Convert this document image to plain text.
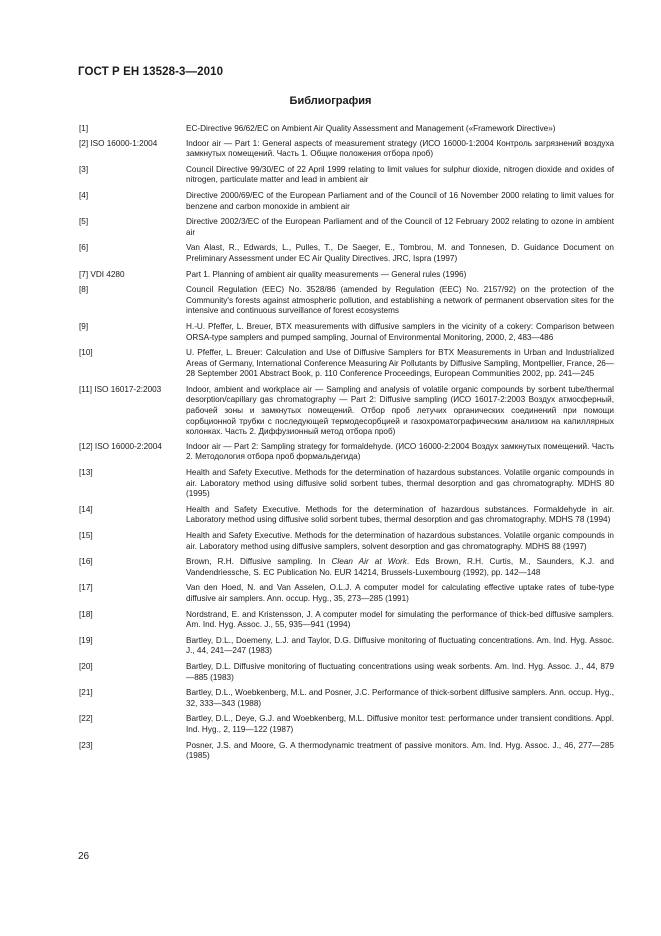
ГОСТ Р ЕН 13528-3—2010
Библиография
[1]	EC-Directive 96/62/EC on Ambient Air Quality Assessment and Management («Framework Directive»)
[2] ISO 16000-1:2004	Indoor air — Part 1: General aspects of measurement strategy (ИСО 16000-1:2004 Контроль загрязнений воздуха замкнутых помещений. Часть 1. Общие положения отбора проб)
[3]	Council Directive 99/30/EC of 22 April 1999 relating to limit values for sulphur dioxide, nitrogen dioxide and oxides of nitrogen, particulate matter and lead in ambient air
[4]	Directive 2000/69/EC of the European Parliament and of the Council of 16 November 2000 relating to limit values for benzene and carbon monoxide in ambient air
[5]	Directive 2002/3/EC of the European Parliament and of the Council of 12 February 2002 relating to ozone in ambient air
[6]	Van Alast, R., Edwards, L., Pulles, T., De Saeger, E., Tombrou, M. and Tonnesen, D. Guidance Document on Preliminary Assessment under EC Air Quality Directives. JRC, Ispra (1997)
[7] VDI 4280	Part 1. Planning of ambient air quality measurements — General rules (1996)
[8]	Council Regulation (EEC) No. 3528/86 (amended by Regulation (EEC) No. 2157/92) on the protection of the Community's forests against atmospheric pollution, and establishing a network of permanent observation sites for the intensive and continuous surveillance of forest ecosystems
[9]	H.-U. Pfeffer, L. Breuer, BTX measurements with diffusive samplers in the vicinity of a cokery: Comparison between ORSA-type samplers and pumped sampling, Journal of Environmental Monitoring, 2000, 2, 483—486
[10]	U. Pfeffer, L. Breuer: Calculation and Use of Diffusive Samplers for BTX Measurements in Urban and Industrialized Areas of Germany, International Conference Measuring Air Pollutants by Diffusive Sampling, Montpellier, France, 26—28 September 2001 Abstract Book, p. 110 Conference Proceedings, European Communities 2002, pp. 241—245
[11] ISO 16017-2:2003	Indoor, ambient and workplace air — Sampling and analysis of volatile organic compounds by sorbent tube/thermal desorption/capillary gas chromatography — Part 2: Diffusive sampling (ИСО 16017-2:2003 Воздух атмосферный, рабочей зоны и замкнутых помещений. Отбор проб летучих органических соединений при помощи сорбционной трубки с последующей термодесорбцией и газохроматографическим анализом на капиллярных колонках. Часть 2. Диффузионный метод отбора проб)
[12] ISO 16000-2:2004	Indoor air — Part 2: Sampling strategy for formaldehyde. (ИСО 16000-2:2004 Воздух замкнутых помещений. Часть 2. Методология отбора проб формальдегида)
[13]	Health and Safety Executive. Methods for the determination of hazardous substances. Volatile organic compounds in air. Laboratory method using diffusive solid sorbent tubes, thermal desorption and gas chromatography. MDHS 80 (1995)
[14]	Health and Safety Executive. Methods for the determination of hazardous substances. Formaldehyde in air. Laboratory method using diffusive solid sorbent tubes, thermal desorption and gas chromatography. MDHS 78 (1994)
[15]	Health and Safety Executive. Methods for the determination of hazardous substances. Volatile organic compounds in air. Laboratory method using diffusive samplers, solvent desorption and gas chromatography. MDHS 88 (1997)
[16]	Brown, R.H. Diffusive sampling. In Clean Air at Work. Eds Brown, R.H. Curtis, M., Saunders, K.J. and Vandendriessche, S. EC Publication No. EUR 14214, Brussels-Luxembourg (1992), pp. 142—148
[17]	Van den Hoed, N. and Van Asselen, O.L.J. A computer model for calculating effective uptake rates of tube-type diffusive air samplers. Ann. occup. Hyg., 35, 273—285 (1991)
[18]	Nordstrand, E. and Kristensson, J. A computer model for simulating the performance of thick-bed diffusive samplers. Am. Ind. Hyg. Assoc. J., 55, 935—941 (1994)
[19]	Bartley, D.L., Doemeny, L.J. and Taylor, D.G. Diffusive monitoring of fluctuating concentrations. Am. Ind. Hyg. Assoc. J., 44, 241—247 (1983)
[20]	Bartley, D.L. Diffusive monitoring of fluctuating concentrations using weak sorbents. Am. Ind. Hyg. Assoc. J., 44, 879—885 (1983)
[21]	Bartley, D.L., Woebkenberg, M.L. and Posner, J.C. Performance of thick-sorbent diffusive samplers. Ann. occup. Hyg., 32, 333—343 (1988)
[22]	Bartley, D.L., Deye, G.J. and Woebkenberg, M.L. Diffusive monitor test: performance under transient conditions. Appl. Ind. Hyg., 2, 119—122 (1987)
[23]	Posner, J.S. and Moore, G. A thermodynamic treatment of passive monitors. Am. Ind. Hyg. Assoc. J., 46, 277—285 (1985)
26
